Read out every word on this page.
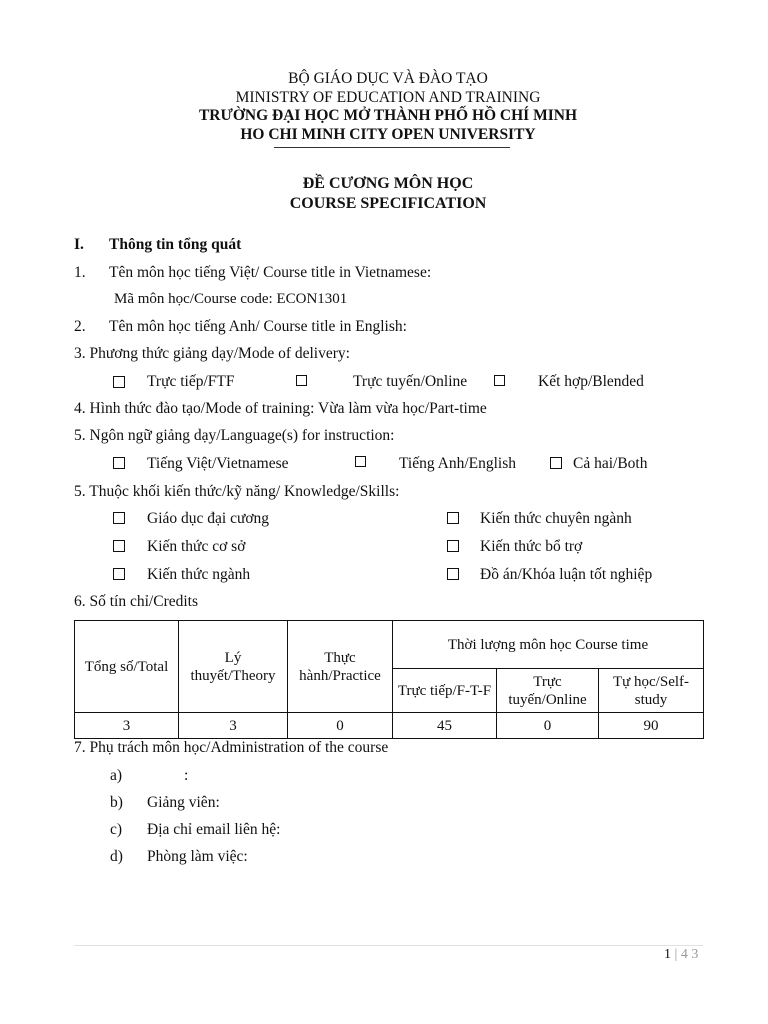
BỘ GIÁO DỤC VÀ ĐÀO TẠO
MINISTRY OF EDUCATION AND TRAINING
TRƯỜNG ĐẠI HỌC MỞ THÀNH PHỐ HỒ CHÍ MINH
HO CHI MINH CITY OPEN UNIVERSITY
ĐỀ CƯƠNG MÔN HỌC
COURSE SPECIFICATION
I. Thông tin tổng quát
1. Tên môn học tiếng Việt/ Course title in Vietnamese:
Mã môn học/Course code: ECON1301
2. Tên môn học tiếng Anh/ Course title in English:
3. Phương thức giảng dạy/Mode of delivery:
Trực tiếp/FTF	Trực tuyến/Online	Kết hợp/Blended
4. Hình thức đào tạo/Mode of training: Vừa làm vừa học/Part-time
5. Ngôn ngữ giảng dạy/Language(s) for instruction:
Tiếng Việt/Vietnamese	Tiếng Anh/English	Cả hai/Both
5. Thuộc khối kiến thức/kỹ năng/ Knowledge/Skills:
Giáo dục đại cương	Kiến thức chuyên ngành
Kiến thức cơ sở	Kiến thức bổ trợ
Kiến thức ngành	Đồ án/Khóa luận tốt nghiệp
6. Số tín chỉ/Credits
Tổng số/Total	Lý thuyết/Theory	Thực hành/Practice	Thời lượng môn học Course time		
			Trực tiếp/F-T-F	Trực tuyến/Online	Tự học/Self-study
3	3	0	45	0	90
7. Phụ trách môn học/Administration of the course
a)	:
b) Giảng viên:
c) Địa chỉ email liên hệ:
d) Phòng làm việc:
1 | 4 3
